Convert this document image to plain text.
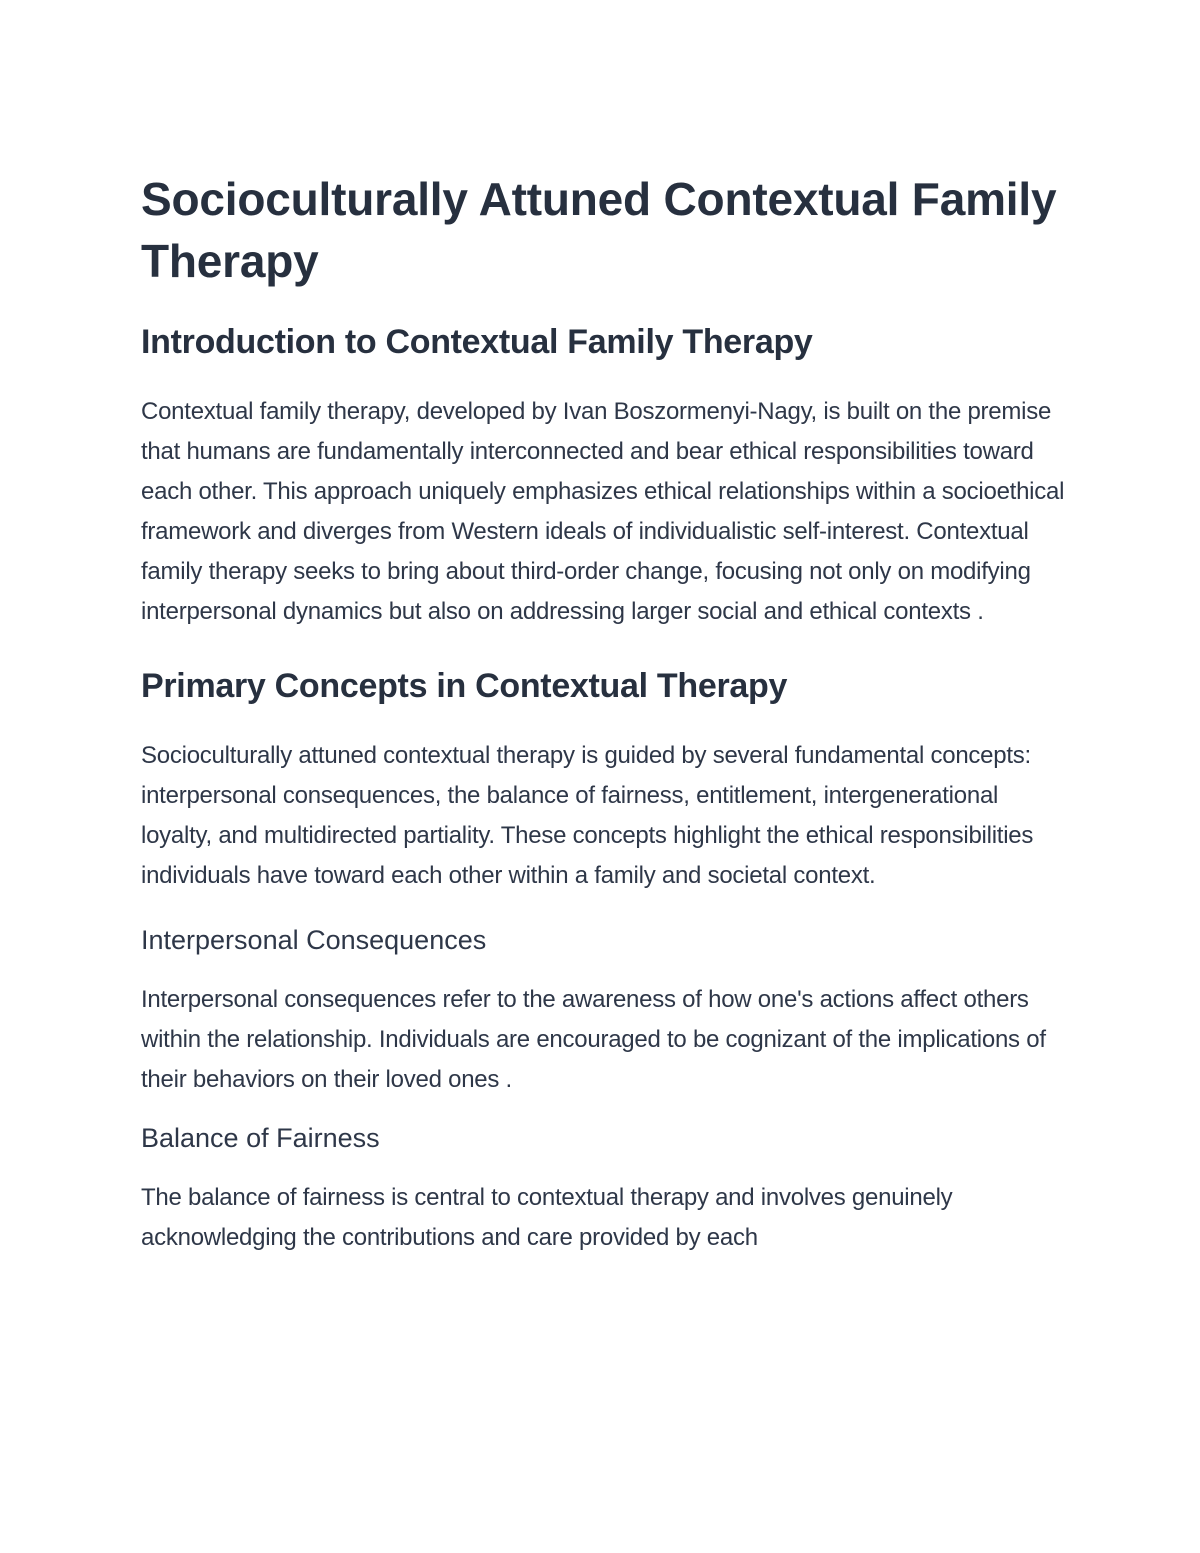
Socioculturally Attuned Contextual Family Therapy
Introduction to Contextual Family Therapy

Contextual family therapy, developed by Ivan Boszormenyi-Nagy, is built on the premise that humans are fundamentally interconnected and bear ethical responsibilities toward each other. This approach uniquely emphasizes ethical relationships within a socioethical framework and diverges from Western ideals of individualistic self-interest. Contextual family therapy seeks to bring about third-order change, focusing not only on modifying interpersonal dynamics but also on addressing larger social and ethical contexts .

Primary Concepts in Contextual Therapy

Socioculturally attuned contextual therapy is guided by several fundamental concepts: interpersonal consequences, the balance of fairness, entitlement, intergenerational loyalty, and multidirected partiality. These concepts highlight the ethical responsibilities individuals have toward each other within a family and societal context.

Interpersonal Consequences

Interpersonal consequences refer to the awareness of how one's actions affect others within the relationship. Individuals are encouraged to be cognizant of the implications of their behaviors on their loved ones .

Balance of Fairness

The balance of fairness is central to contextual therapy and involves genuinely acknowledging the contributions and care provided by each
